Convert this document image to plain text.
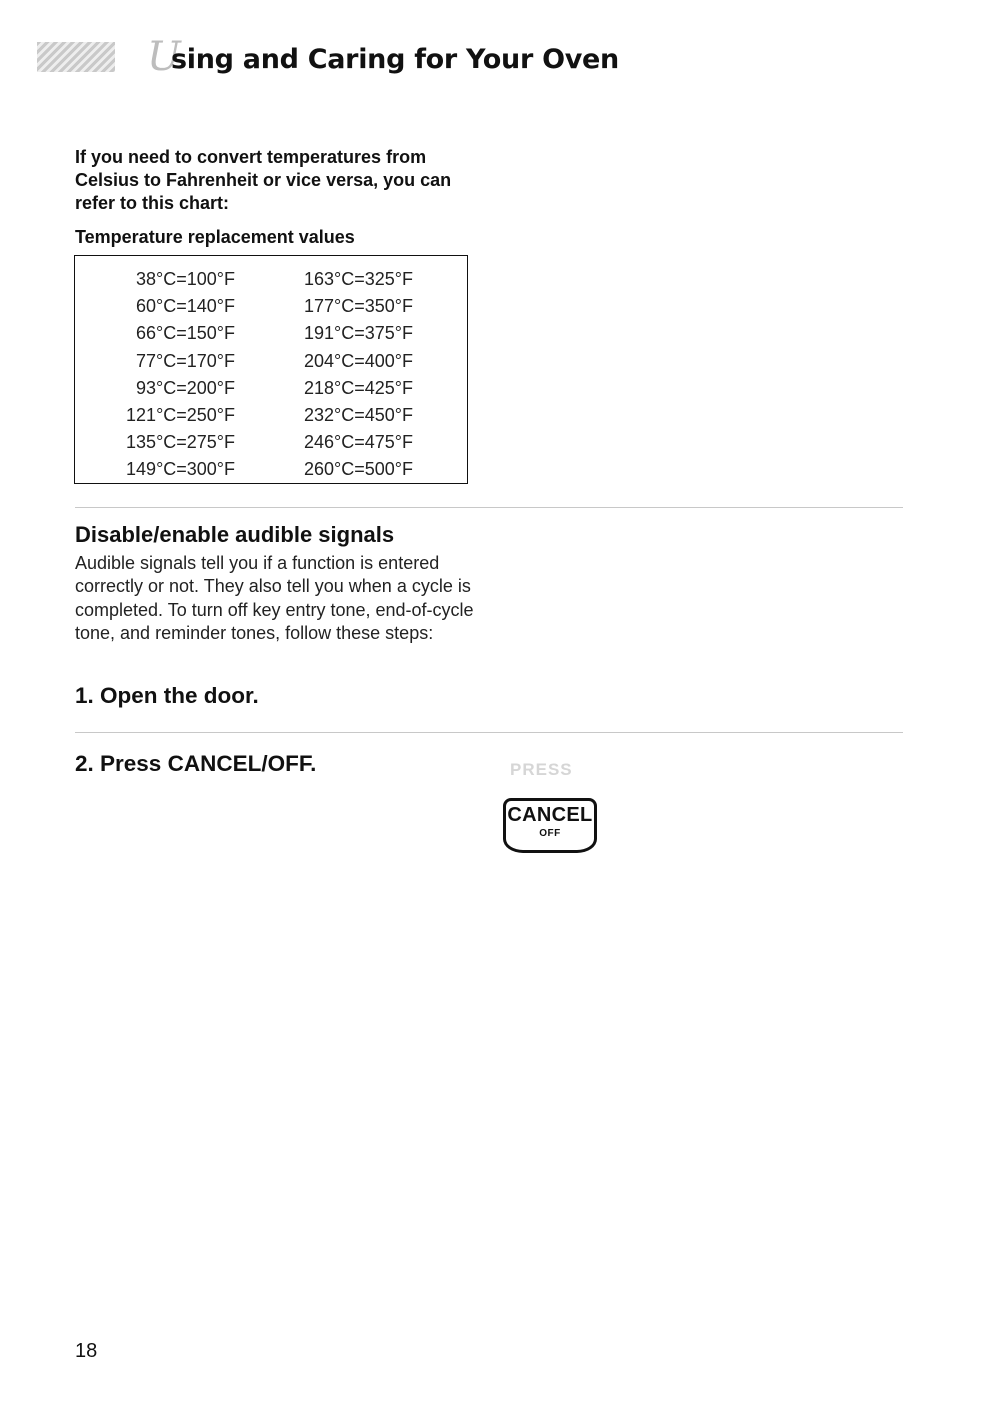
U
sing and Caring for Your Oven

If you need to convert temperatures from Celsius to Fahrenheit or vice versa, you can refer to this chart:

Temperature replacement values

38°C=100°F
60°C=140°F
66°C=150°F
77°C=170°F
93°C=200°F
121°C=250°F
135°C=275°F
149°C=300°F
163°C=325°F
177°C=350°F
191°C=375°F
204°C=400°F
218°C=425°F
232°C=450°F
246°C=475°F
260°C=500°F
Disable/enable audible signals

Audible signals tell you if a function is entered correctly or not. They also tell you when a cycle is completed. To turn off key entry tone, end-of-cycle tone, and reminder tones, follow these steps:

1. Open the door.

2. Press CANCEL/OFF.	PRESS
CANCEL
OFF
18
